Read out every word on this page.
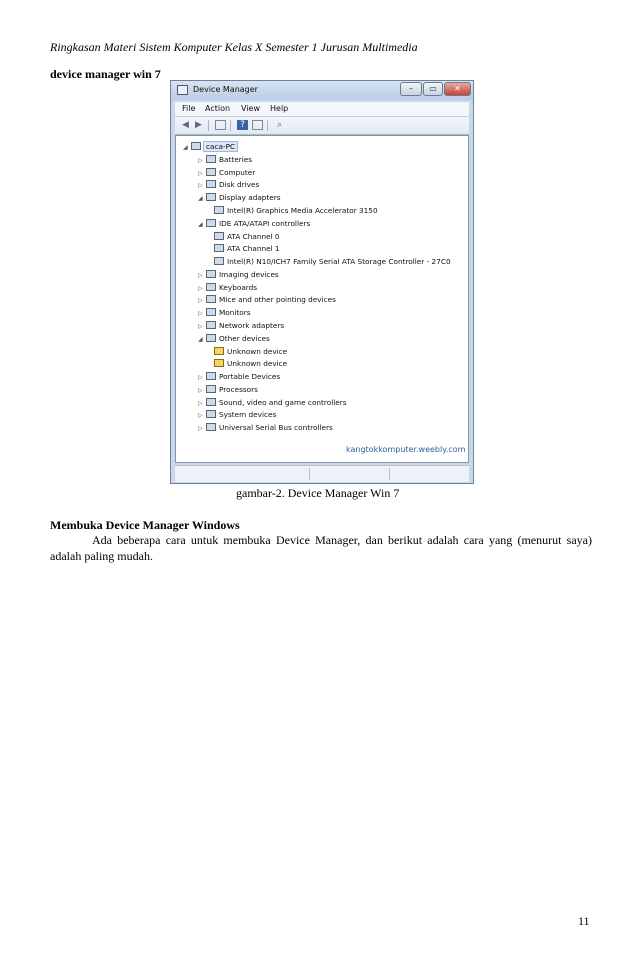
Ringkasan Materi Sistem Komputer Kelas X Semester 1 Jurusan Multimedia
device manager win 7
Device Manager	–	▭	✕
File Action View Help
◀ ▶	?	⌕
◢	caca-PC
▷ Batteries
▷ Computer
▷ Disk drives
◢ Display adapters
Intel(R) Graphics Media Accelerator 3150
◢ IDE ATA/ATAPI controllers
ATA Channel 0
ATA Channel 1
Intel(R) N10/ICH7 Family Serial ATA Storage Controller - 27C0
▷ Imaging devices
▷ Keyboards
▷ Mice and other pointing devices
▷ Monitors
▷ Network adapters
◢ Other devices
Unknown device
Unknown device
▷ Portable Devices
▷ Processors
▷ Sound, video and game controllers
▷ System devices
▷ Universal Serial Bus controllers
kangtokkomputer.weebly.com
gambar-2. Device Manager Win 7
Membuka Device Manager Windows
Ada beberapa cara untuk membuka Device Manager, dan berikut adalah cara yang (menurut saya) adalah paling mudah.
11
